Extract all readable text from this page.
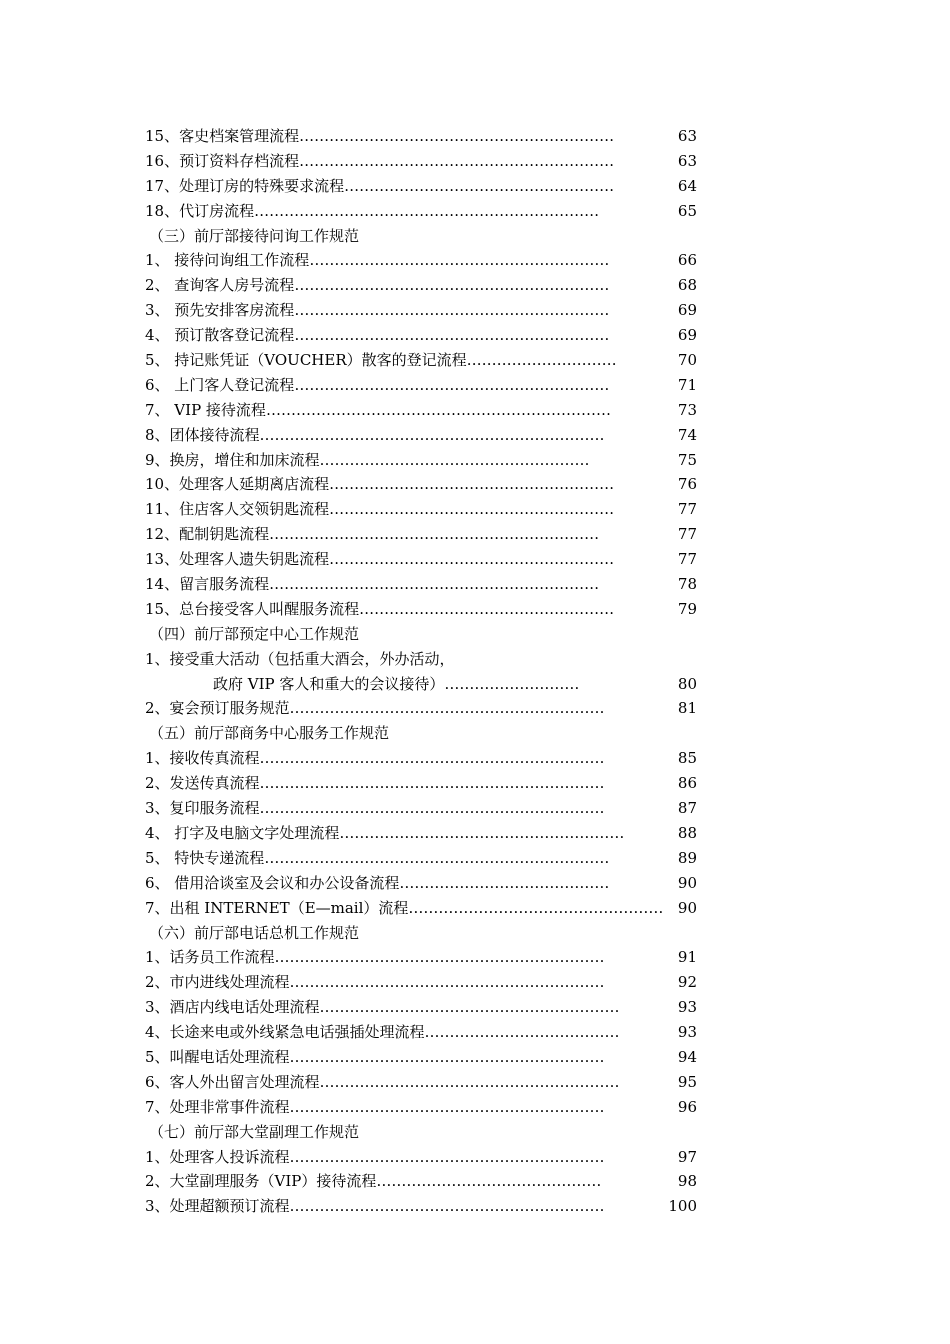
15、客史档案管理流程………………………………………………………	63
16、预订资料存档流程………………………………………………………	63
17、处理订房的特殊要求流程………………………………………………	64
18、代订房流程……………………………………………………………	65
（三）前厅部接待问询工作规范
1、 接待问询组工作流程……………………………………………………	66
2、 查询客人房号流程………………………………………………………	68
3、 预先安排客房流程………………………………………………………	69
4、 预订散客登记流程………………………………………………………	69
5、 持记账凭证（VOUCHER）散客的登记流程…………………………	70
6、 上门客人登记流程………………………………………………………	71
7、 VIP 接待流程……………………………………………………………	73
8、团体接待流程……………………………………………………………	74
9、换房，增住和加床流程………………………………………………	75
10、处理客人延期离店流程…………………………………………………	76
11、住店客人交领钥匙流程…………………………………………………	77
12、配制钥匙流程…………………………………………………………	77
13、处理客人遗失钥匙流程…………………………………………………	77
14、留言服务流程…………………………………………………………	78
15、总台接受客人叫醒服务流程……………………………………………	79
（四）前厅部预定中心工作规范
1、接受重大活动（包括重大酒会，外办活动，
政府 VIP 客人和重大的会议接待）………………………	80
2、宴会预订服务规范………………………………………………………	81
（五）前厅部商务中心服务工作规范
1、接收传真流程……………………………………………………………	85
2、发送传真流程……………………………………………………………	86
3、复印服务流程……………………………………………………………	87
4、 打字及电脑文字处理流程…………………………………………………	88
5、 特快专递流程……………………………………………………………	89
6、 借用洽谈室及会议和办公设备流程……………………………………	90
7、出租 INTERNET（E—mail）流程…………………………………………… 90
（六）前厅部电话总机工作规范
1、话务员工作流程…………………………………………………………	91
2、市内进线处理流程………………………………………………………	92
3、酒店内线电话处理流程……………………………………………………	93
4、长途来电或外线紧急电话强插处理流程…………………………………	93
5、叫醒电话处理流程………………………………………………………	94
6、客人外出留言处理流程……………………………………………………	95
7、处理非常事件流程………………………………………………………	96
（七）前厅部大堂副理工作规范
1、处理客人投诉流程………………………………………………………	97
2、大堂副理服务（VIP）接待流程………………………………………	98
3、处理超额预订流程………………………………………………………	100
